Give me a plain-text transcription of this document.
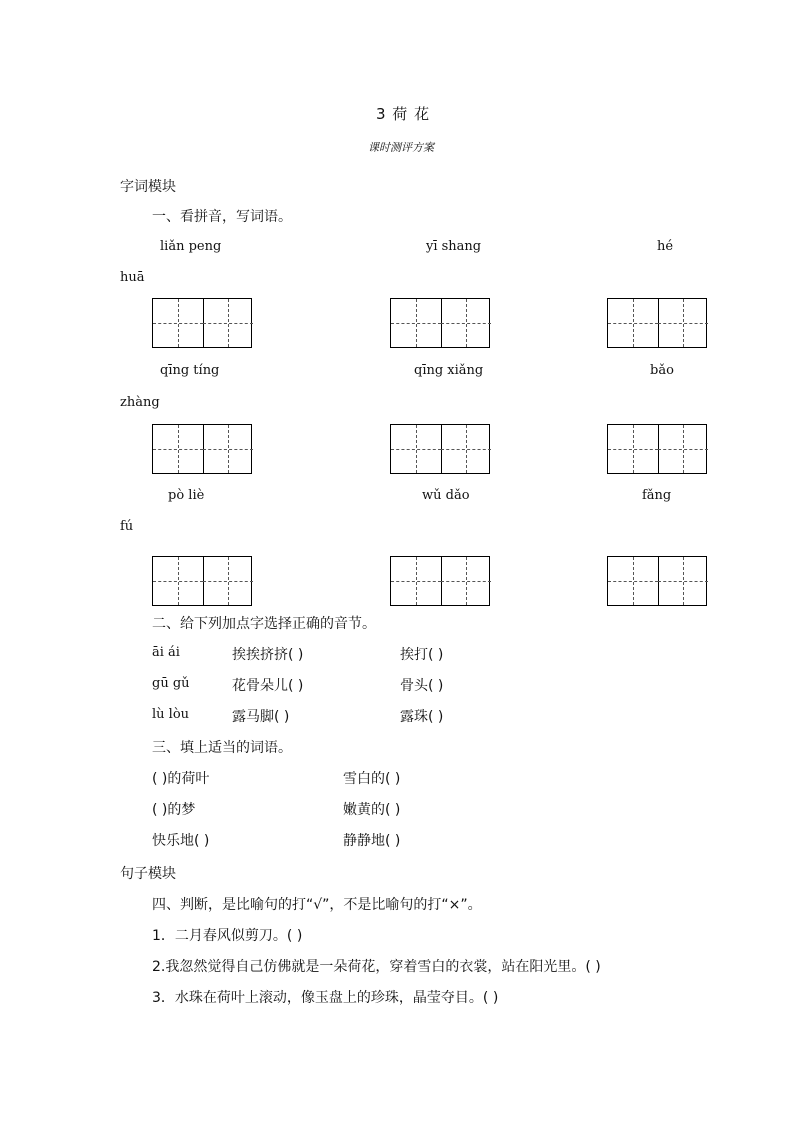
3 荷 花
课时测评方案
字词模块
一、看拼音，写词语。
liǎn peng	yī shang	hé
huā
qīng tíng	qīng xiǎng	bǎo
zhàng
pò liè	wǔ dǎo	fǎng
fú
二、给下列加点字选择正确的音节。
āi ái	挨挨挤挤( )	挨打( )
gū gǔ	花骨朵儿( )	骨头( )
lù lòu	露马脚( )	露珠( )
三、填上适当的词语。
( )的荷叶	雪白的( )
( )的梦	嫩黄的( )
快乐地( )	静静地( )
句子模块
四、判断，是比喻句的打“√”，不是比喻句的打“×”。
1．二月春风似剪刀。( )
2.我忽然觉得自己仿佛就是一朵荷花，穿着雪白的衣裳，站在阳光里。( )
3．水珠在荷叶上滚动，像玉盘上的珍珠，晶莹夺目。( )
